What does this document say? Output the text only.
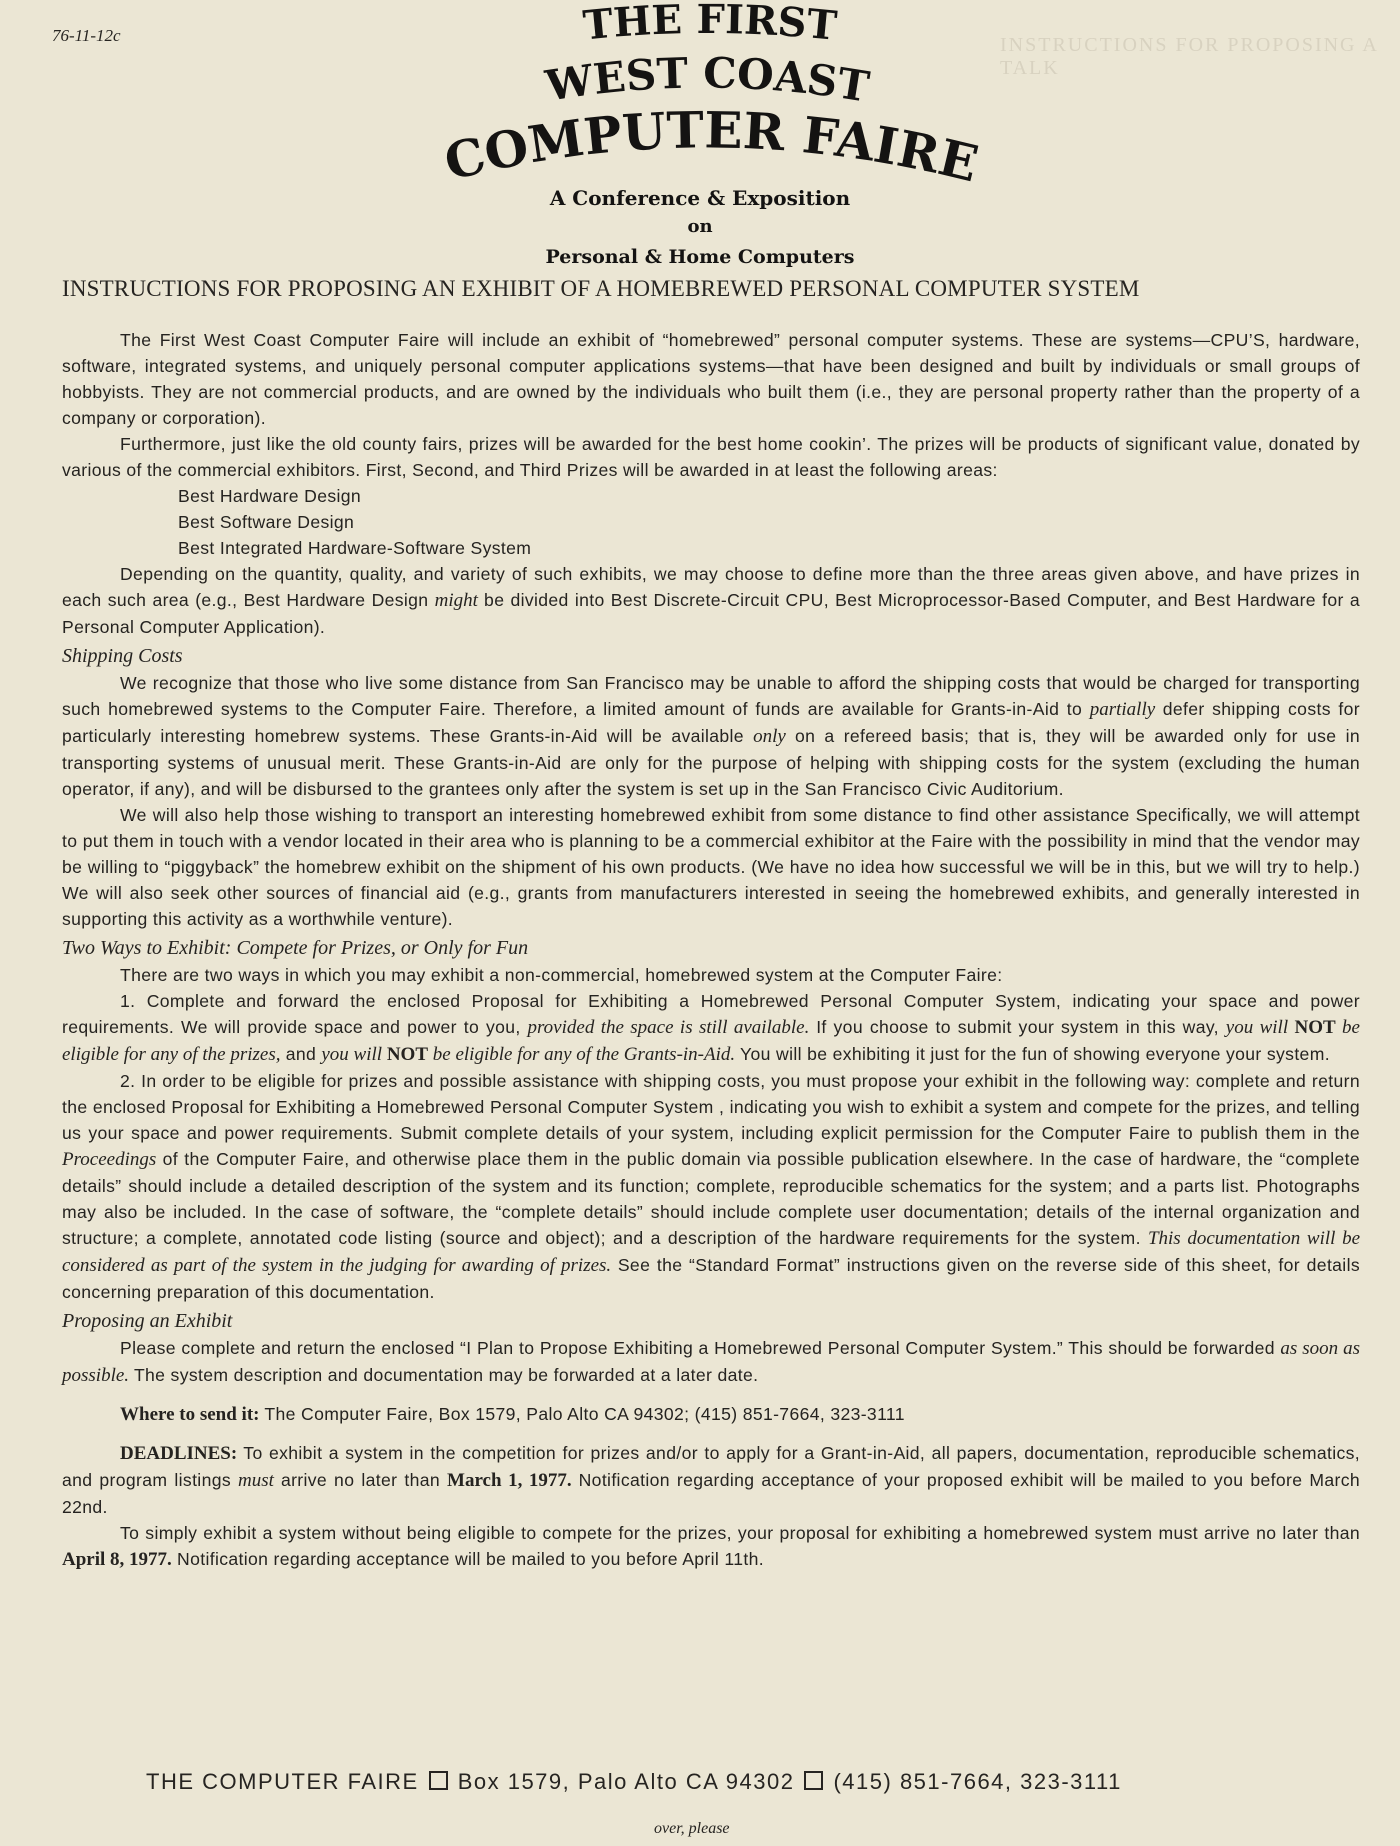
INSTRUCTIONS FOR PROPOSING A TALK
76-11-12c	THE FIRST
WEST COAST
COMPUTER FAIRE
A Conference & Exposition
on
Personal & Home Computers
INSTRUCTIONS FOR PROPOSING AN EXHIBIT OF A HOMEBREWED PERSONAL COMPUTER SYSTEM

The First West Coast Computer Faire will include an exhibit of “homebrewed” personal computer systems. These are systems—CPU’S, hardware, software, integrated systems, and uniquely personal computer applications systems—that have been designed and built by individuals or small groups of hobbyists. They are not commercial products, and are owned by the individuals who built them (i.e., they are personal property rather than the property of a company or corporation).

Furthermore, just like the old county fairs, prizes will be awarded for the best home cookin’. The prizes will be products of significant value, donated by various of the commercial exhibitors. First, Second, and Third Prizes will be awarded in at least the following areas:

Best Hardware Design
Best Software Design
Best Integrated Hardware-Software System

Depending on the quantity, quality, and variety of such exhibits, we may choose to define more than the three areas given above, and have prizes in each such area (e.g., Best Hardware Design might be divided into Best Discrete-Circuit CPU, Best Microprocessor-Based Computer, and Best Hardware for a Personal Computer Application).

Shipping Costs

We recognize that those who live some distance from San Francisco may be unable to afford the shipping costs that would be charged for transporting such homebrewed systems to the Computer Faire. Therefore, a limited amount of funds are available for Grants-in-Aid to partially defer shipping costs for particularly interesting homebrew systems. These Grants-in-Aid will be available only on a refereed basis; that is, they will be awarded only for use in transporting systems of unusual merit. These Grants-in-Aid are only for the purpose of helping with shipping costs for the system (excluding the human operator, if any), and will be disbursed to the grantees only after the system is set up in the San Francisco Civic Auditorium.

We will also help those wishing to transport an interesting homebrewed exhibit from some distance to find other assistance Specifically, we will attempt to put them in touch with a vendor located in their area who is planning to be a commercial exhibitor at the Faire with the possibility in mind that the vendor may be willing to “piggyback” the homebrew exhibit on the shipment of his own products. (We have no idea how successful we will be in this, but we will try to help.) We will also seek other sources of financial aid (e.g., grants from manufacturers interested in seeing the homebrewed exhibits, and generally interested in supporting this activity as a worthwhile venture).

Two Ways to Exhibit: Compete for Prizes, or Only for Fun

There are two ways in which you may exhibit a non-commercial, homebrewed system at the Computer Faire:

1. Complete and forward the enclosed Proposal for Exhibiting a Homebrewed Personal Computer System, indicating your space and power requirements. We will provide space and power to you, provided the space is still available. If you choose to submit your system in this way, you will NOT be eligible for any of the prizes, and you will NOT be eligible for any of the Grants-in-Aid. You will be exhibiting it just for the fun of showing everyone your system.

2. In order to be eligible for prizes and possible assistance with shipping costs, you must propose your exhibit in the following way: complete and return the enclosed Proposal for Exhibiting a Homebrewed Personal Computer System , indicating you wish to exhibit a system and compete for the prizes, and telling us your space and power requirements. Submit complete details of your system, including explicit permission for the Computer Faire to publish them in the Proceedings of the Computer Faire, and otherwise place them in the public domain via possible publication elsewhere. In the case of hardware, the “complete details” should include a detailed description of the system and its function; complete, reproducible schematics for the system; and a parts list. Photographs may also be included. In the case of software, the “complete details” should include complete user documentation; details of the internal organization and structure; a complete, annotated code listing (source and object); and a description of the hardware requirements for the system. This documentation will be considered as part of the system in the judging for awarding of prizes. See the “Standard Format” instructions given on the reverse side of this sheet, for details concerning preparation of this documentation.

Proposing an Exhibit

Please complete and return the enclosed “I Plan to Propose Exhibiting a Homebrewed Personal Computer System.” This should be forwarded as soon as possible. The system description and documentation may be forwarded at a later date.

Where to send it: The Computer Faire, Box 1579, Palo Alto CA 94302; (415) 851-7664, 323-3111

DEADLINES: To exhibit a system in the competition for prizes and/or to apply for a Grant-in-Aid, all papers, documentation, reproducible schematics, and program listings must arrive no later than March 1, 1977. Notification regarding acceptance of your proposed exhibit will be mailed to you before March 22nd.

To simply exhibit a system without being eligible to compete for the prizes, your proposal for exhibiting a homebrewed system must arrive no later than April 8, 1977. Notification regarding acceptance will be mailed to you before April 11th.

THE COMPUTER FAIRE Box 1579, Palo Alto CA 94302 (415) 851-7664, 323-3111
over, please
